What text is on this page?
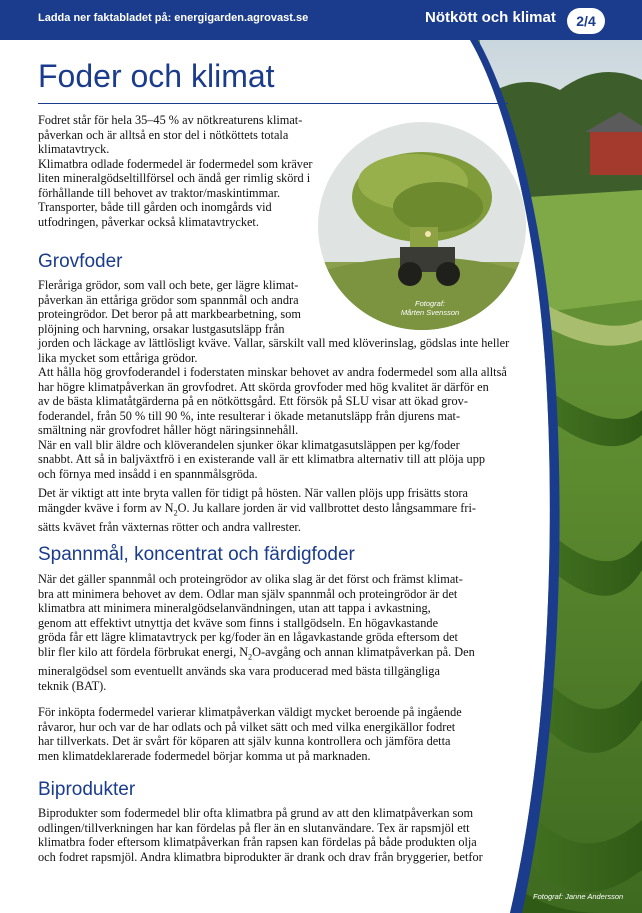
Ladda ner faktabladet på: energigarden.agrovast.se	Nötkött och klimat	2/4
Fotograf:
Mårten Svensson
Foder och klimat

Fodret står för hela 35–45 % av nötkreaturens klimat-
påverkan och är alltså en stor del i nötköttets totala
klimatavtryck.
Klimatbra odlade fodermedel är fodermedel som kräver
liten mineralgödseltillförsel och ändå ger rimlig skörd i
förhållande till behovet av traktor/maskintimmar.
Transporter, både till gården och inomgårds vid
utfodringen, påverkar också klimatavtrycket.

Grovfoder

Fleråriga grödor, som vall och bete, ger lägre klimat-
påverkan än ettåriga grödor som spannmål och andra
proteingrödor. Det beror på att markbearbetning, som
plöjning och harvning, orsakar lustgasutsläpp från

jorden och läckage av lättlösligt kväve. Vallar, särskilt vall med klöverinslag, gödslas inte heller
lika mycket som ettåriga grödor.
Att hålla hög grovfoderandel i foderstaten minskar behovet av andra fodermedel som alla alltså
har högre klimatpåverkan än grovfodret. Att skörda grovfoder med hög kvalitet är därför en
av de bästa klimatåtgärderna på en nötköttsgård. Ett försök på SLU visar att ökad grov-
foderandel, från 50 % till 90 %, inte resulterar i ökade metanutsläpp från djurens mat-
smältning när grovfodret håller högt näringsinnehåll.
När en vall blir äldre och klöverandelen sjunker ökar klimatgasutsläppen per kg/foder
snabbt. Att så in baljväxtfrö i en existerande vall är ett klimatbra alternativ till att plöja upp
och förnya med insådd i en spannmålsgröda.

Det är viktigt att inte bryta vallen för tidigt på hösten. När vallen plöjs upp frisätts stora
mängder kväve i form av $N_2O$. Ju kallare jorden är vid vallbrottet desto långsammare fri-
sätts kvävet från växternas rötter och andra vallrester.

Spannmål, koncentrat och färdigfoder

När det gäller spannmål och proteingrödor av olika slag är det först och främst klimat-
bra att minimera behovet av dem. Odlar man själv spannmål och proteingrödor är det
klimatbra att minimera mineralgödselanvändningen, utan att tappa i avkastning,
genom att effektivt utnyttja det kväve som finns i stallgödseln. En högavkastande
gröda får ett lägre klimatavtryck per kg/foder än en lågavkastande gröda eftersom det
blir fler kilo att fördela förbrukat energi, $N_2O$-avgång och annan klimatpåverkan på. Den
mineralgödsel som eventuellt används ska vara producerad med bästa tillgängliga
teknik (BAT).

För inköpta fodermedel varierar klimatpåverkan väldigt mycket beroende på ingående
råvaror, hur och var de har odlats och på vilket sätt och med vilka energikällor fodret
har tillverkats. Det är svårt för köparen att själv kunna kontrollera och jämföra detta
men klimatdeklarerade fodermedel börjar komma ut på marknaden.

Biprodukter

Biprodukter som fodermedel blir ofta klimatbra på grund av att den klimatpåverkan som
odlingen/tillverkningen har kan fördelas på fler än en slutanvändare. Tex är rapsmjöl ett
klimatbra foder eftersom klimatpåverkan från rapsen kan fördelas på både produkten olja
och fodret rapsmjöl. Andra klimatbra biprodukter är drank och drav från bryggerier, betfor

Fotograf: Janne Andersson
